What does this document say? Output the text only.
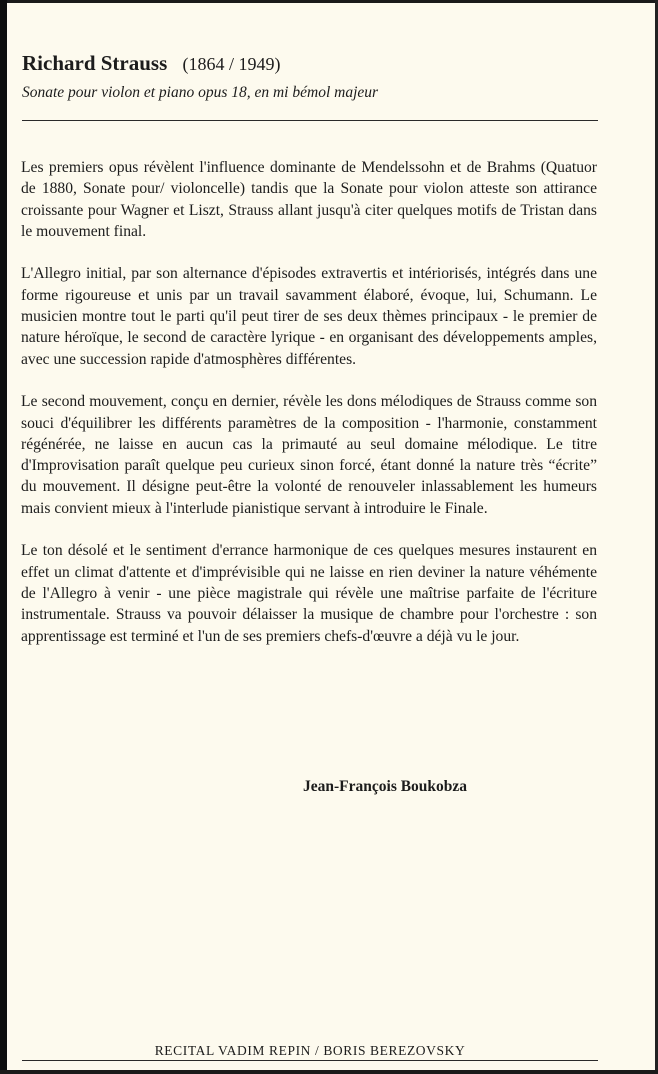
Richard Strauss (1864 / 1949)
Sonate pour violon et piano opus 18, en mi bémol majeur

Les premiers opus révèlent l'influence dominante de Mendelssohn et de Brahms (Quatuor de 1880, Sonate pour/ violoncelle) tandis que la Sonate pour violon atteste son attirance croissante pour Wagner et Liszt, Strauss allant jusqu'à citer quelques motifs de Tristan dans le mouvement final.

L'Allegro initial, par son alternance d'épisodes extravertis et intériorisés, intégrés dans une forme rigoureuse et unis par un travail savamment élaboré, évoque, lui, Schumann. Le musicien montre tout le parti qu'il peut tirer de ses deux thèmes principaux - le premier de nature héroïque, le second de caractère lyrique - en organisant des développements amples, avec une succession rapide d'atmosphères différentes.

Le second mouvement, conçu en dernier, révèle les dons mélodiques de Strauss comme son souci d'équilibrer les différents paramètres de la composition - l'harmonie, constamment régénérée, ne laisse en aucun cas la primauté au seul domaine mélodique. Le titre d'Improvisation paraît quelque peu curieux sinon forcé, étant donné la nature très “écrite” du mouvement. Il désigne peut-être la volonté de renouveler inlassablement les humeurs mais convient mieux à l'interlude pianistique servant à introduire le Finale.

Le ton désolé et le sentiment d'errance harmonique de ces quelques mesures instaurent en effet un climat d'attente et d'imprévisible qui ne laisse en rien deviner la nature véhémente de l'Allegro à venir - une pièce magistrale qui révèle une maîtrise parfaite de l'écriture instrumentale. Strauss va pouvoir délaisser la musique de chambre pour l'orchestre : son apprentissage est terminé et l'un de ses premiers chefs-d'œuvre a déjà vu le jour.

Jean-François Boukobza
RECITAL VADIM REPIN / BORIS BEREZOVSKY
